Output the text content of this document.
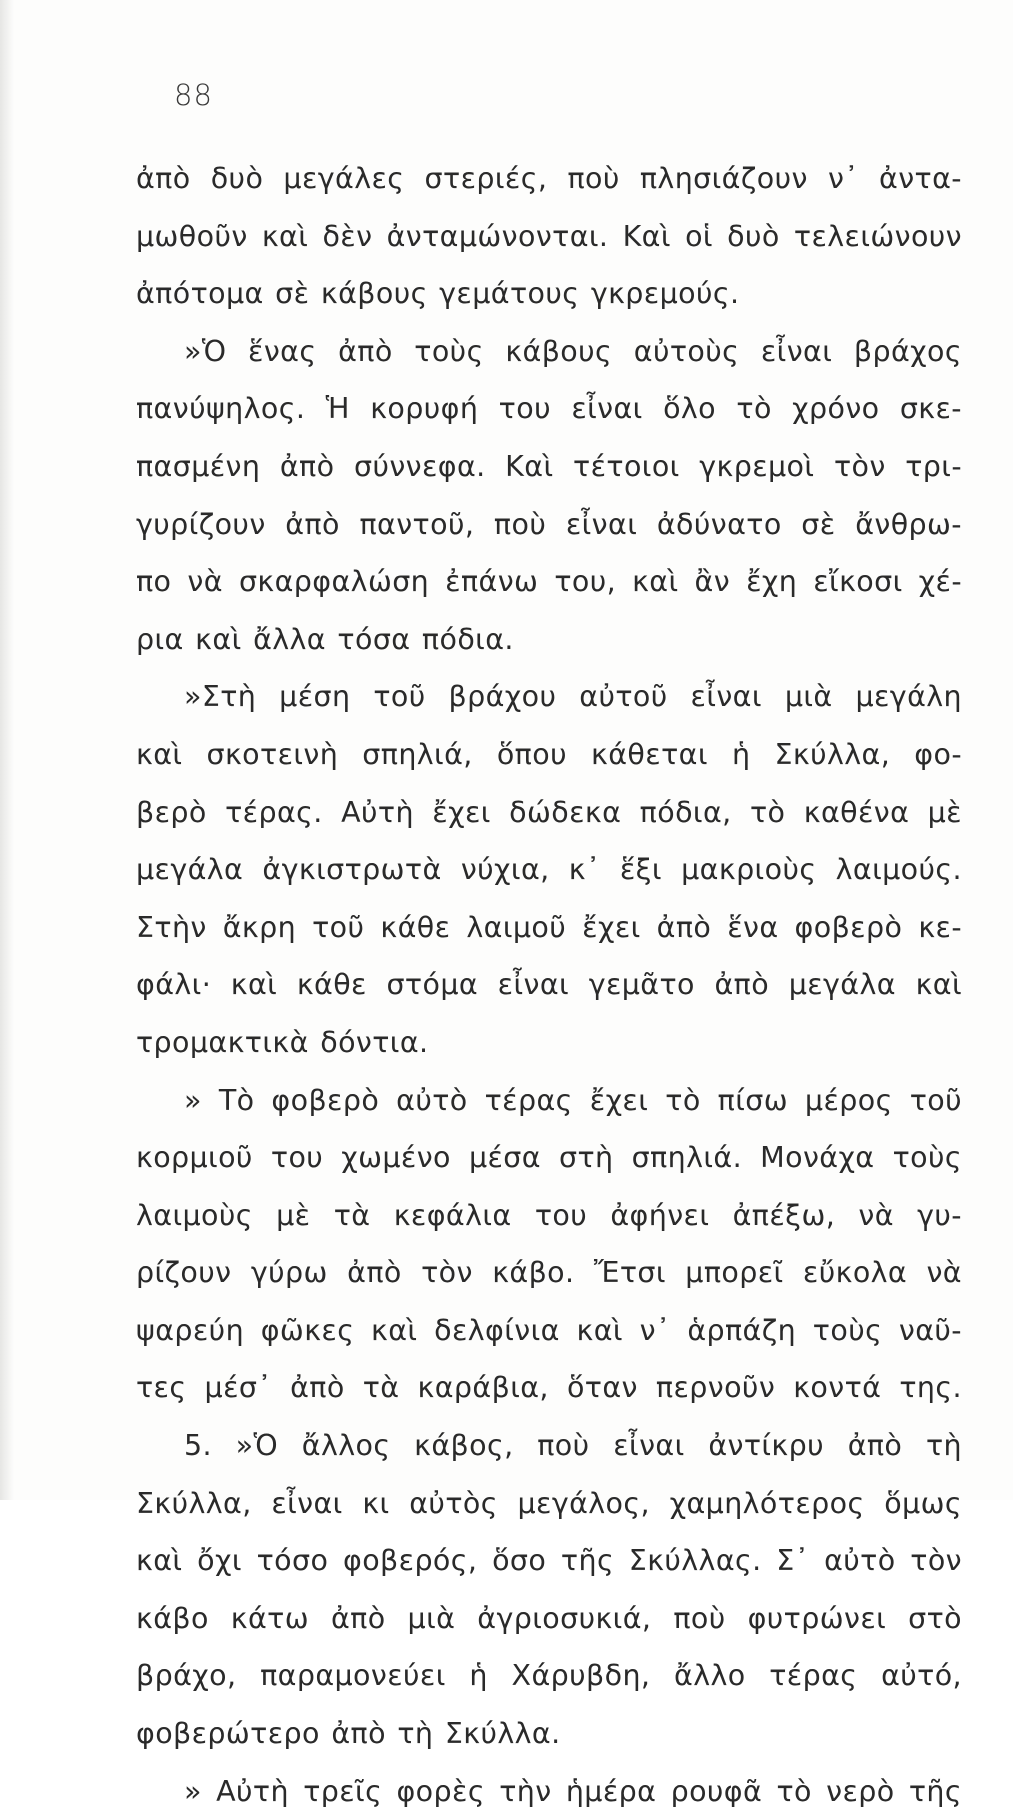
88
ἀπὸ δυὸ μεγάλες στεριές, ποὺ πλησιάζουν ν᾿ ἀντα-
μωθοῦν καὶ δὲν ἀνταμώνονται. Καὶ οἱ δυὸ τελειώνουν
ἀπότομα σὲ κάβους γεμάτους γκρεμούς.
»Ὁ ἕνας ἀπὸ τοὺς κάβους αὐτοὺς εἶναι βράχος
πανύψηλος. Ἡ κορυφή του εἶναι ὅλο τὸ χρόνο σκε-
πασμένη ἀπὸ σύννεφα. Καὶ τέτοιοι γκρεμοὶ τὸν τρι-
γυρίζουν ἀπὸ παντοῦ, ποὺ εἶναι ἀδύνατο σὲ ἄνθρω-
πο νὰ σκαρφαλώση ἐπάνω του, καὶ ἂν ἔχη εἴκοσι χέ-
ρια καὶ ἄλλα τόσα πόδια.
»Στὴ μέση τοῦ βράχου αὐτοῦ εἶναι μιὰ μεγάλη
καὶ σκοτεινὴ σπηλιά, ὅπου κάθεται ἡ Σκύλλα, φο-
βερὸ τέρας. Αὐτὴ ἔχει δώδεκα πόδια, τὸ καθένα μὲ
μεγάλα ἀγκιστρωτὰ νύχια, κ᾿ ἕξι μακριοὺς λαιμούς.
Στὴν ἄκρη τοῦ κάθε λαιμοῦ ἔχει ἀπὸ ἕνα φοβερὸ κε-
φάλι· καὶ κάθε στόμα εἶναι γεμᾶτο ἀπὸ μεγάλα καὶ
τρομακτικὰ δόντια.
» Τὸ φοβερὸ αὐτὸ τέρας ἔχει τὸ πίσω μέρος τοῦ
κορμιοῦ του χωμένο μέσα στὴ σπηλιά. Μονάχα τοὺς
λαιμοὺς μὲ τὰ κεφάλια του ἀφήνει ἀπέξω, νὰ γυ-
ρίζουν γύρω ἀπὸ τὸν κάβο. Ἔτσι μπορεῖ εὔκολα νὰ
ψαρεύη φῶκες καὶ δελφίνια καὶ ν᾿ ἁρπάζη τοὺς ναῦ-
τες μέσ᾿ ἀπὸ τὰ καράβια, ὅταν περνοῦν κοντά της.
5. »Ὁ ἄλλος κάβος, ποὺ εἶναι ἀντίκρυ ἀπὸ τὴ
Σκύλλα, εἶναι κι αὐτὸς μεγάλος, χαμηλότερος ὅμως
καὶ ὄχι τόσο φοβερός, ὅσο τῆς Σκύλλας. Σ᾿ αὐτὸ τὸν
κάβο κάτω ἀπὸ μιὰ ἀγριοσυκιά, ποὺ φυτρώνει στὸ
βράχο, παραμονεύει ἡ Χάρυβδη, ἄλλο τέρας αὐτό,
φοβερώτερο ἀπὸ τὴ Σκύλλα.
» Αὐτὴ τρεῖς φορὲς τὴν ἡμέρα ρουφᾶ τὸ νερὸ τῆς
